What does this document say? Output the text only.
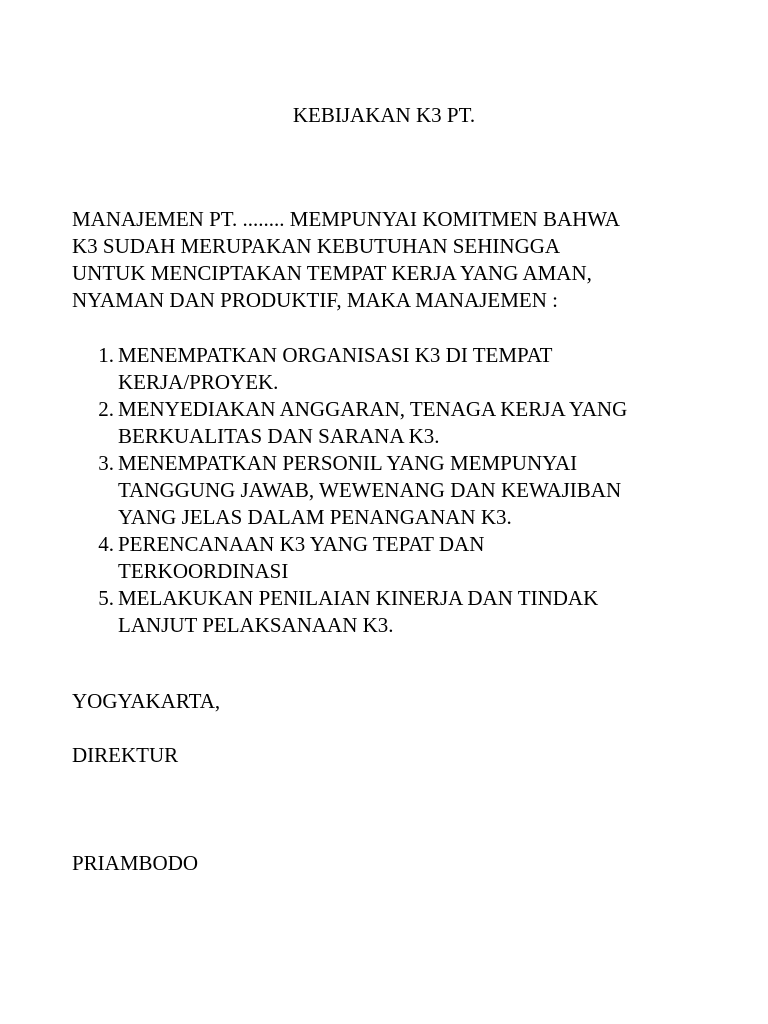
KEBIJAKAN K3 PT.

MANAJEMEN PT. ........ MEMPUNYAI KOMITMEN BAHWA
K3 SUDAH MERUPAKAN KEBUTUHAN SEHINGGA
UNTUK MENCIPTAKAN TEMPAT KERJA YANG AMAN,
NYAMAN DAN PRODUKTIF, MAKA MANAJEMEN :

1. MENEMPATKAN ORGANISASI K3 DI TEMPAT
KERJA/PROYEK.
2. MENYEDIAKAN ANGGARAN, TENAGA KERJA YANG
BERKUALITAS DAN SARANA K3.
3. MENEMPATKAN PERSONIL YANG MEMPUNYAI
TANGGUNG JAWAB, WEWENANG DAN KEWAJIBAN
YANG JELAS DALAM PENANGANAN K3.
4. PERENCANAAN K3 YANG TEPAT DAN
TERKOORDINASI
5. MELAKUKAN PENILAIAN KINERJA DAN TINDAK
LANJUT PELAKSANAAN K3.

YOGYAKARTA,

DIREKTUR

PRIAMBODO
